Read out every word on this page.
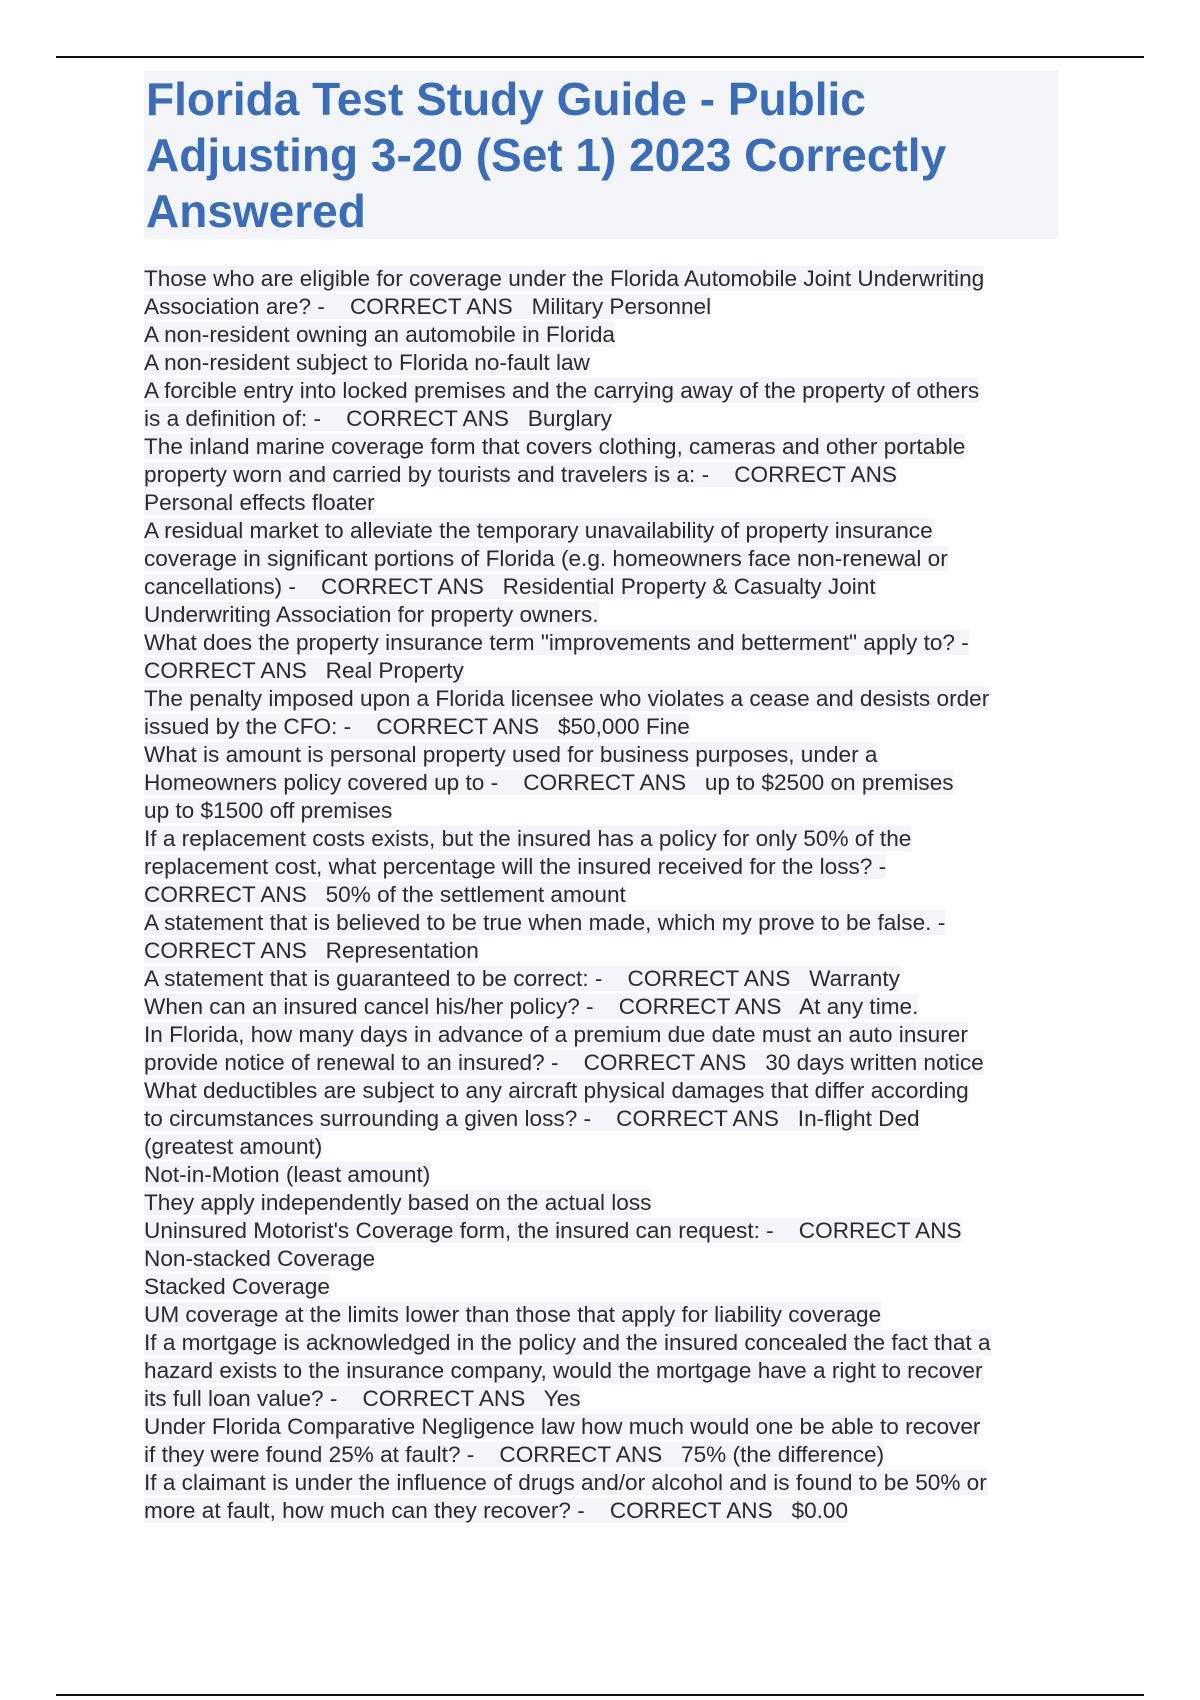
Florida Test Study Guide - Public
Adjusting 3-20 (Set 1) 2023 Correctly
Answered
Those who are eligible for coverage under the Florida Automobile Joint Underwriting
Association are? -    CORRECT ANS   Military Personnel
A non-resident owning an automobile in Florida
A non-resident subject to Florida no-fault law
A forcible entry into locked premises and the carrying away of the property of others
is a definition of: -    CORRECT ANS   Burglary
The inland marine coverage form that covers clothing, cameras and other portable
property worn and carried by tourists and travelers is a: -    CORRECT ANS
Personal effects floater
A residual market to alleviate the temporary unavailability of property insurance
coverage in significant portions of Florida (e.g. homeowners face non-renewal or
cancellations) -    CORRECT ANS   Residential Property & Casualty Joint
Underwriting Association for property owners.
What does the property insurance term "improvements and betterment" apply to? -
CORRECT ANS   Real Property
The penalty imposed upon a Florida licensee who violates a cease and desists order
issued by the CFO: -    CORRECT ANS   $50,000 Fine
What is amount is personal property used for business purposes, under a
Homeowners policy covered up to -    CORRECT ANS   up to $2500 on premises
up to $1500 off premises
If a replacement costs exists, but the insured has a policy for only 50% of the
replacement cost, what percentage will the insured received for the loss? -
CORRECT ANS   50% of the settlement amount
A statement that is believed to be true when made, which my prove to be false. -
CORRECT ANS   Representation
A statement that is guaranteed to be correct: -    CORRECT ANS   Warranty
When can an insured cancel his/her policy? -    CORRECT ANS   At any time.
In Florida, how many days in advance of a premium due date must an auto insurer
provide notice of renewal to an insured? -    CORRECT ANS   30 days written notice
What deductibles are subject to any aircraft physical damages that differ according
to circumstances surrounding a given loss? -    CORRECT ANS   In-flight Ded
(greatest amount)
Not-in-Motion (least amount)
They apply independently based on the actual loss
Uninsured Motorist's Coverage form, the insured can request: -    CORRECT ANS
Non-stacked Coverage
Stacked Coverage
UM coverage at the limits lower than those that apply for liability coverage
If a mortgage is acknowledged in the policy and the insured concealed the fact that a
hazard exists to the insurance company, would the mortgage have a right to recover
its full loan value? -    CORRECT ANS   Yes
Under Florida Comparative Negligence law how much would one be able to recover
if they were found 25% at fault? -    CORRECT ANS   75% (the difference)
If a claimant is under the influence of drugs and/or alcohol and is found to be 50% or
more at fault, how much can they recover? -    CORRECT ANS   $0.00
